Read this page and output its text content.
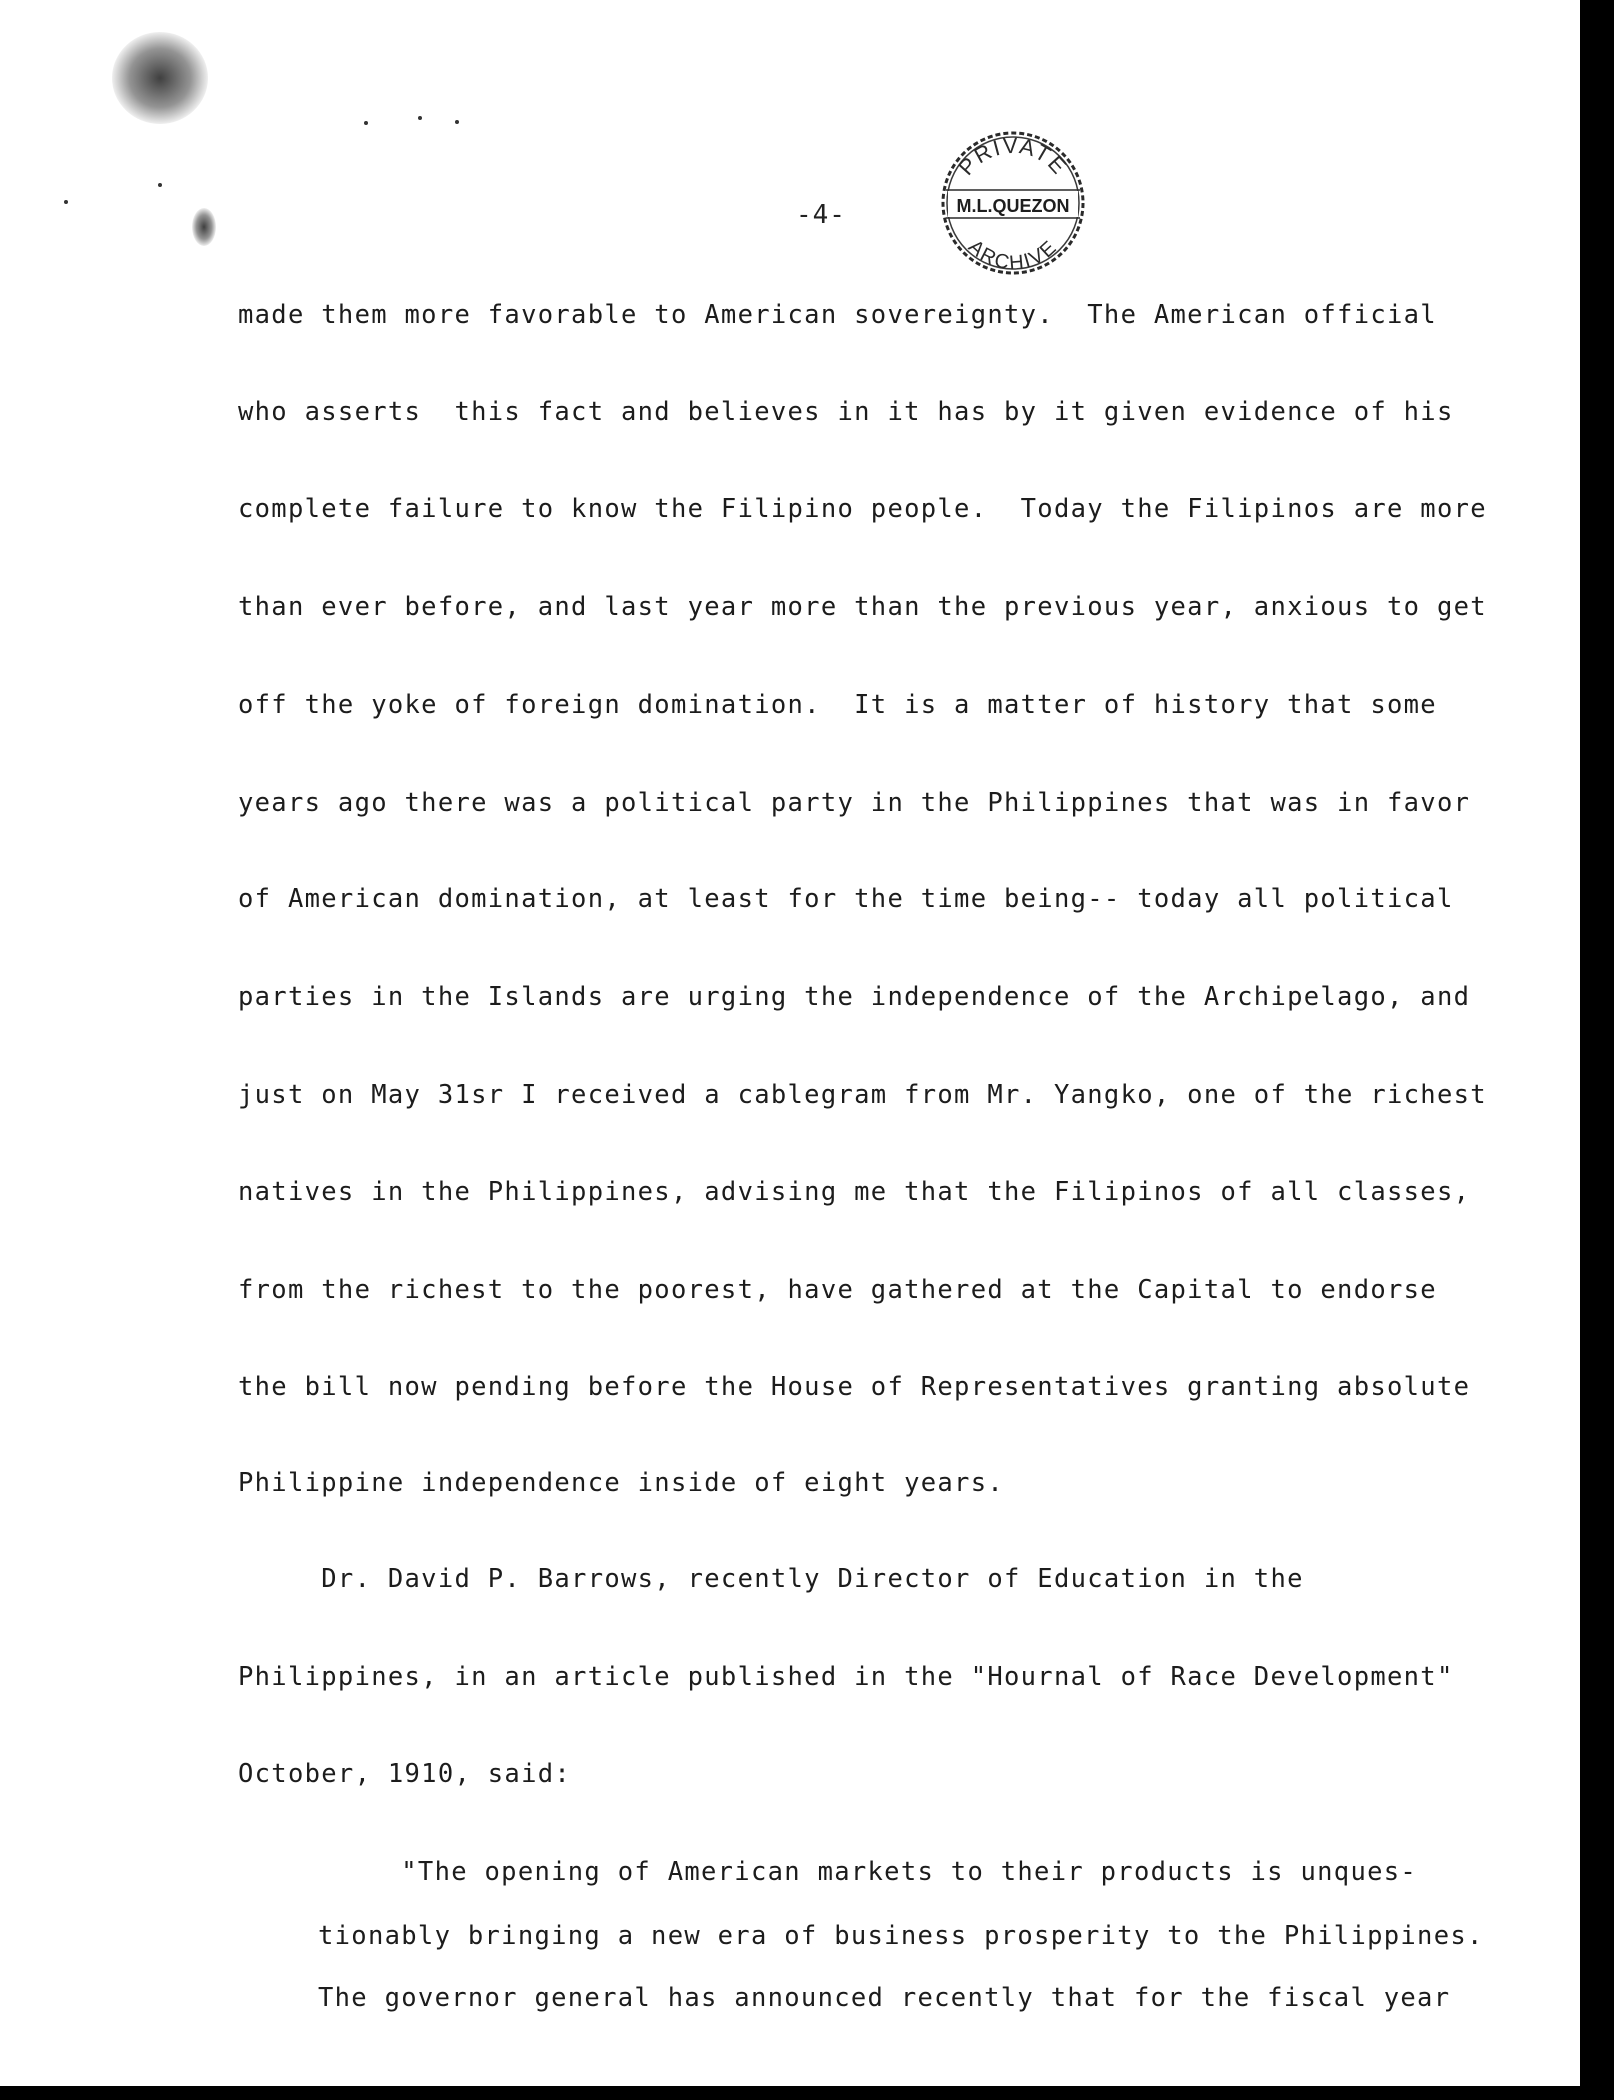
-4-
PRIVATE
M.L.QUEZON
ARCHIVE
made them more favorable to American sovereignty.  The American official
who asserts  this fact and believes in it has by it given evidence of his
complete failure to know the Filipino people.  Today the Filipinos are more
than ever before, and last year more than the previous year, anxious to get
off the yoke of foreign domination.  It is a matter of history that some
years ago there was a political party in the Philippines that was in favor
of American domination, at least for the time being-- today all political
parties in the Islands are urging the independence of the Archipelago, and
just on May 31sr I received a cablegram from Mr. Yangko, one of the richest
natives in the Philippines, advising me that the Filipinos of all classes,
from the richest to the poorest, have gathered at the Capital to endorse
the bill now pending before the House of Representatives granting absolute
Philippine independence inside of eight years.
Dr. David P. Barrows, recently Director of Education in the
Philippines, in an article published in the "Hournal of Race Development"
October, 1910, said:
"The opening of American markets to their products is unques-
tionably bringing a new era of business prosperity to the Philippines.
The governor general has announced recently that for the fiscal year
